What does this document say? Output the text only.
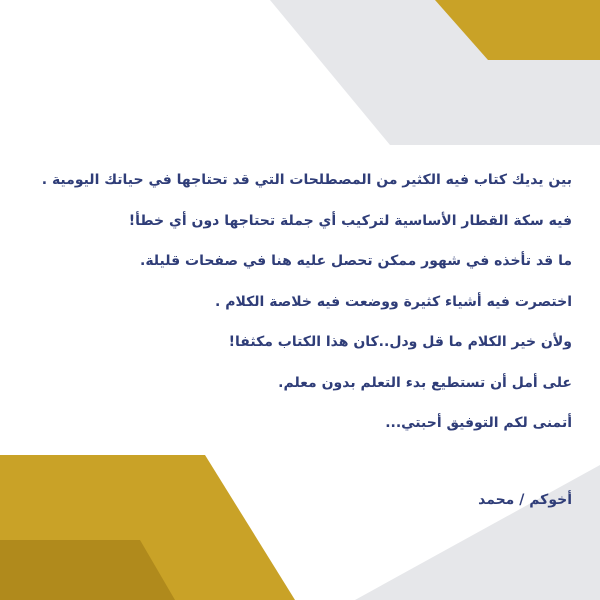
بين يديك كتاب فيه الكثير من المصطلحات التي قد تحتاجها في حياتك اليومية .
فيه سكة القطار الأساسية لتركيب أي جملة تحتاجها دون أي خطأ!
ما قد تأخذه في شهور ممكن تحصل عليه هنا في صفحات قليلة.
اختصرت فيه أشياء كثيرة ووضعت فيه خلاصة الكلام .
ولأن خير الكلام ما قل ودل..كان هذا الكتاب مكثفا!
على أمل أن تستطيع بدء التعلم بدون معلم.
أتمنى لكم التوفيق أحبتي...
أخوكم / محمد
